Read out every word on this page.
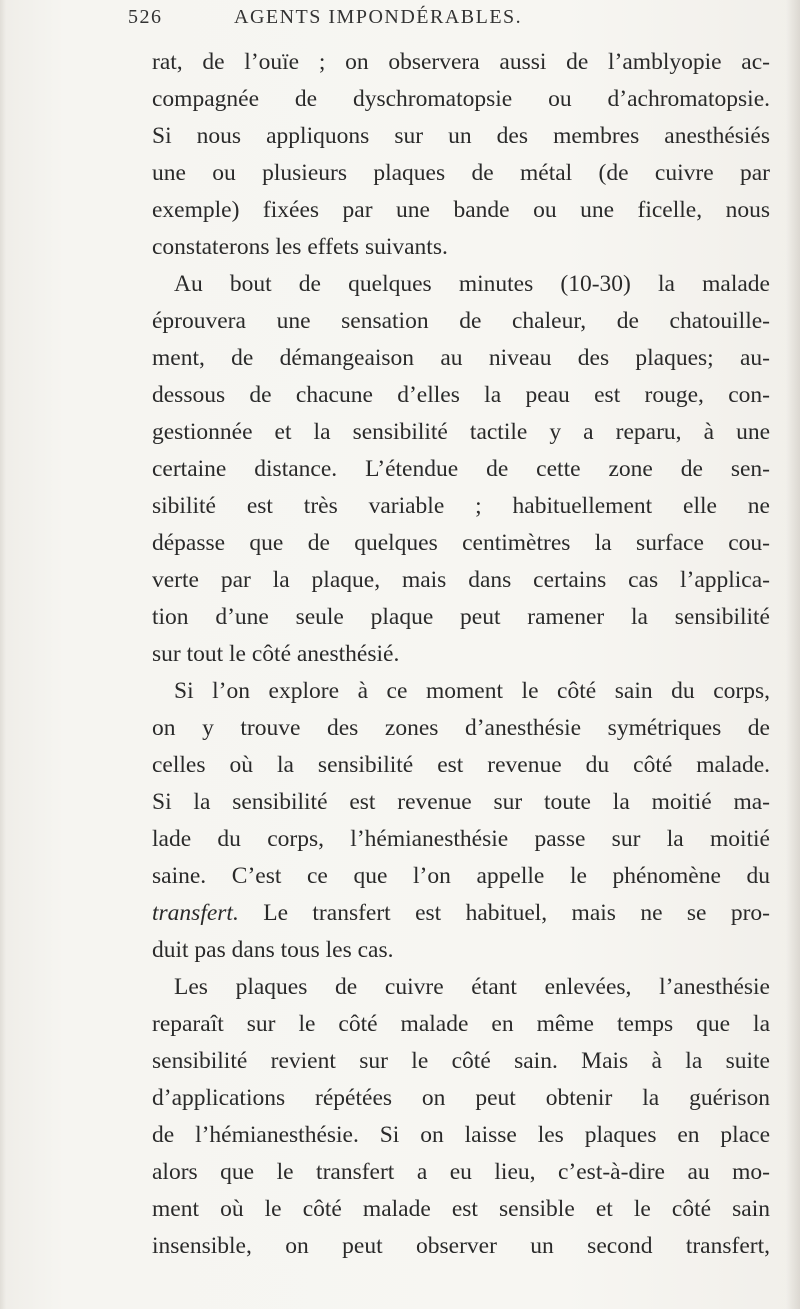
526	AGENTS IMPONDÉRABLES.
rat, de l’ouïe ; on observera aussi de l’amblyopie ac-
compagnée de dyschromatopsie ou d’achromatopsie.
Si nous appliquons sur un des membres anesthésiés
une ou plusieurs plaques de métal (de cuivre par
exemple) fixées par une bande ou une ficelle, nous
constaterons les effets suivants.
Au bout de quelques minutes (10-30) la malade
éprouvera une sensation de chaleur, de chatouille-
ment, de démangeaison au niveau des plaques; au-
dessous de chacune d’elles la peau est rouge, con-
gestionnée et la sensibilité tactile y a reparu, à une
certaine distance. L’étendue de cette zone de sen-
sibilité est très variable ; habituellement elle ne
dépasse que de quelques centimètres la surface cou-
verte par la plaque, mais dans certains cas l’applica-
tion d’une seule plaque peut ramener la sensibilité
sur tout le côté anesthésié.
Si l’on explore à ce moment le côté sain du corps,
on y trouve des zones d’anesthésie symétriques de
celles où la sensibilité est revenue du côté malade.
Si la sensibilité est revenue sur toute la moitié ma-
lade du corps, l’hémianesthésie passe sur la moitié
saine. C’est ce que l’on appelle le phénomène du
transfert. Le transfert est habituel, mais ne se pro-
duit pas dans tous les cas.
Les plaques de cuivre étant enlevées, l’anesthésie
reparaît sur le côté malade en même temps que la
sensibilité revient sur le côté sain. Mais à la suite
d’applications répétées on peut obtenir la guérison
de l’hémianesthésie. Si on laisse les plaques en place
alors que le transfert a eu lieu, c’est-à-dire au mo-
ment où le côté malade est sensible et le côté sain
insensible, on peut observer un second transfert,
